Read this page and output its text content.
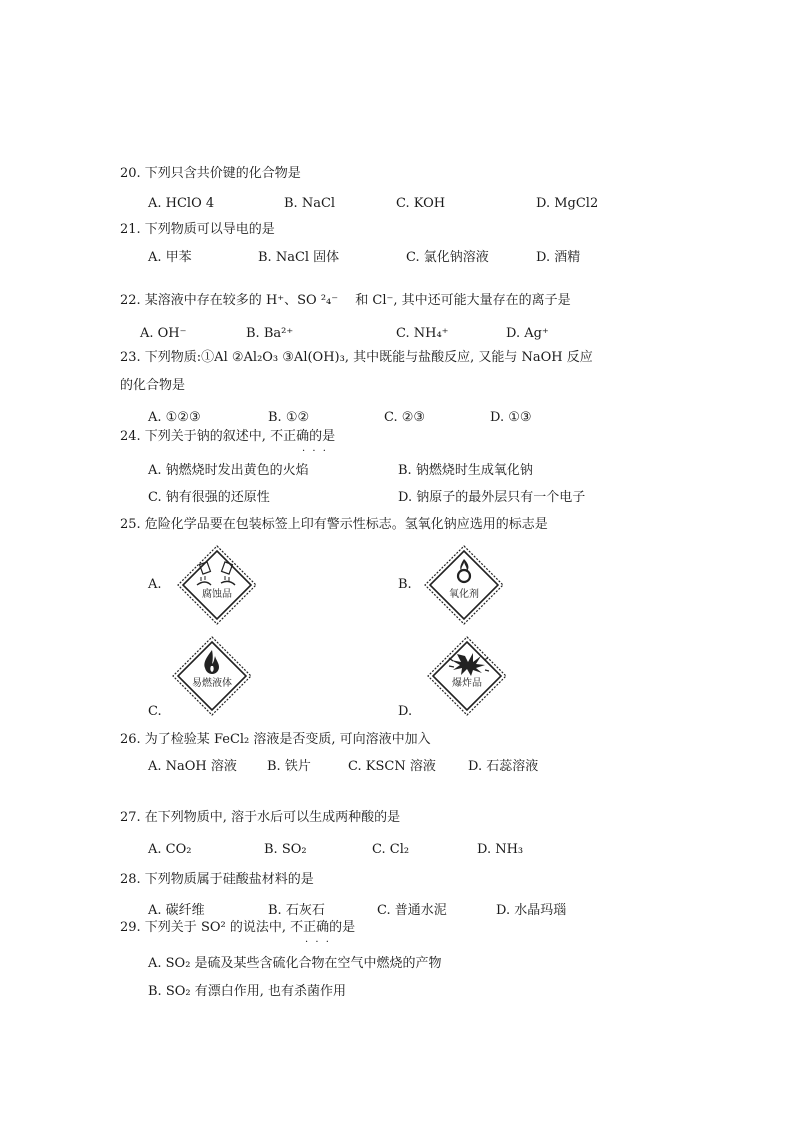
20. 下列只含共价键的化合物是
A. HClO 4	B. NaCl	C. KOH	D. MgCl2
21. 下列物质可以导电的是
A. 甲苯	B. NaCl 固体	C. 氯化钠溶液	D. 酒精
22. 某溶液中存在较多的 H⁺、SO ²₄⁻　 和 Cl⁻, 其中还可能大量存在的离子是
A. OH⁻	B. Ba²⁺	C. NH₄⁺	D. Ag⁺
23. 下列物质:①Al ②Al₂O₃ ③Al(OH)₃, 其中既能与盐酸反应, 又能与 NaOH 反应
的化合物是
A. ①②③	B. ①②	C. ②③	D. ①③
24. 下列关于钠的叙述中, 不正确的是
· · ·
A. 钠燃烧时发出黄色的火焰	B. 钠燃烧时生成氧化钠
C. 钠有很强的还原性	D. 钠原子的最外层只有一个电子
25. 危险化学品要在包装标签上印有警示性标志。氢氧化钠应选用的标志是
A.
腐蚀品
B.
氧化剂
C.
易燃液体
D.
爆炸品
26. 为了检验某 FeCl₂ 溶液是否变质, 可向溶液中加入
A. NaOH 溶液 B. 铁片	C. KSCN 溶液 D. 石蕊溶液
27. 在下列物质中, 溶于水后可以生成两种酸的是
A. CO₂	B. SO₂	C. Cl₂	D. NH₃
28. 下列物质属于硅酸盐材料的是
A. 碳纤维	B. 石灰石	C. 普通水泥	D. 水晶玛瑙
29. 下列关于 SO² 的说法中, 不正确的是
· · ·
A. SO₂ 是硫及某些含硫化合物在空气中燃烧的产物
B. SO₂ 有漂白作用, 也有杀菌作用
